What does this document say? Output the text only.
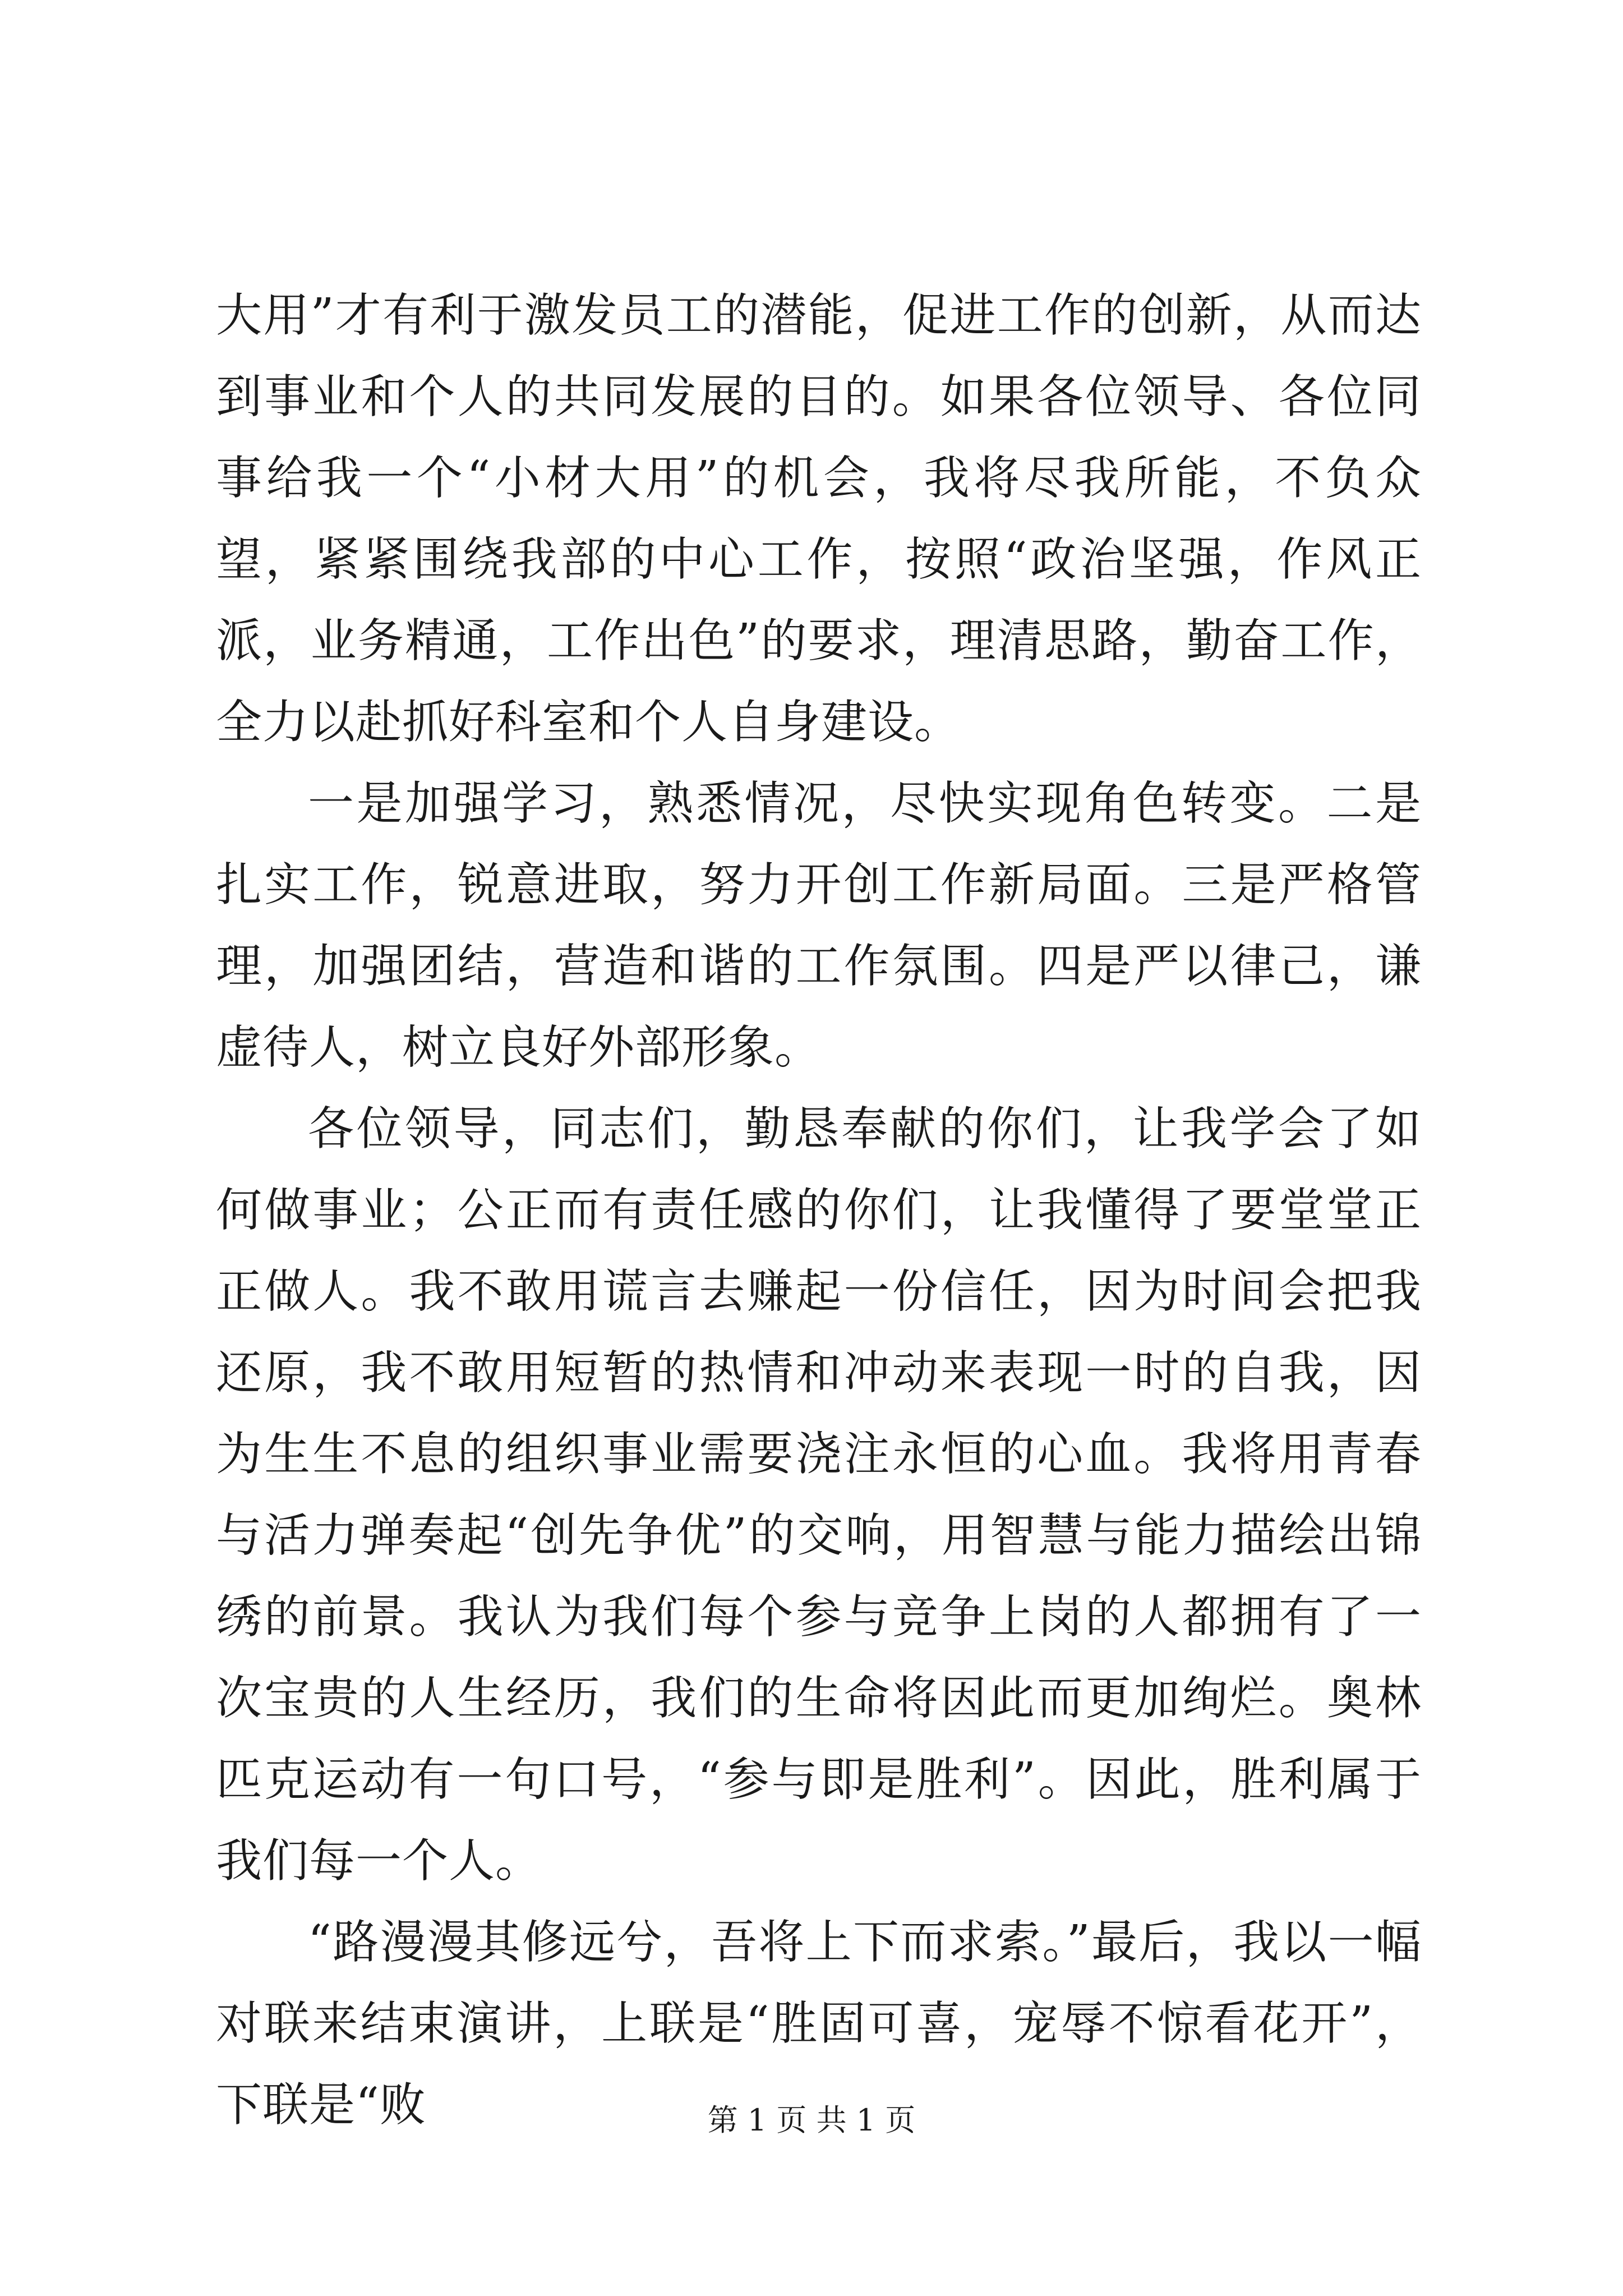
大用”才有利于激发员工的潜能，促进工作的创新，从而达到事业和个人的共同发展的目的。如果各位领导、各位同事给我一个“小材大用”的机会，我将尽我所能，不负众望，紧紧围绕我部的中心工作，按照“政治坚强，作风正派，业务精通，工作出色”的要求，理清思路，勤奋工作，全力以赴抓好科室和个人自身建设。

一是加强学习，熟悉情况，尽快实现角色转变。二是扎实工作，锐意进取，努力开创工作新局面。三是严格管理，加强团结，营造和谐的工作氛围。四是严以律己，谦虚待人，树立良好外部形象。

各位领导，同志们，勤恳奉献的你们，让我学会了如何做事业；公正而有责任感的你们，让我懂得了要堂堂正正做人。我不敢用谎言去赚起一份信任，因为时间会把我还原，我不敢用短暂的热情和冲动来表现一时的自我，因为生生不息的组织事业需要浇注永恒的心血。我将用青春与活力弹奏起“创先争优”的交响，用智慧与能力描绘出锦绣的前景。我认为我们每个参与竞争上岗的人都拥有了一次宝贵的人生经历，我们的生命将因此而更加绚烂。奥林匹克运动有一句口号，“参与即是胜利”。因此，胜利属于我们每一个人。

“路漫漫其修远兮，吾将上下而求索。”最后，我以一幅对联来结束演讲，上联是“胜固可喜，宠辱不惊看花开”，下联是“败	第 1 页 共 1 页
